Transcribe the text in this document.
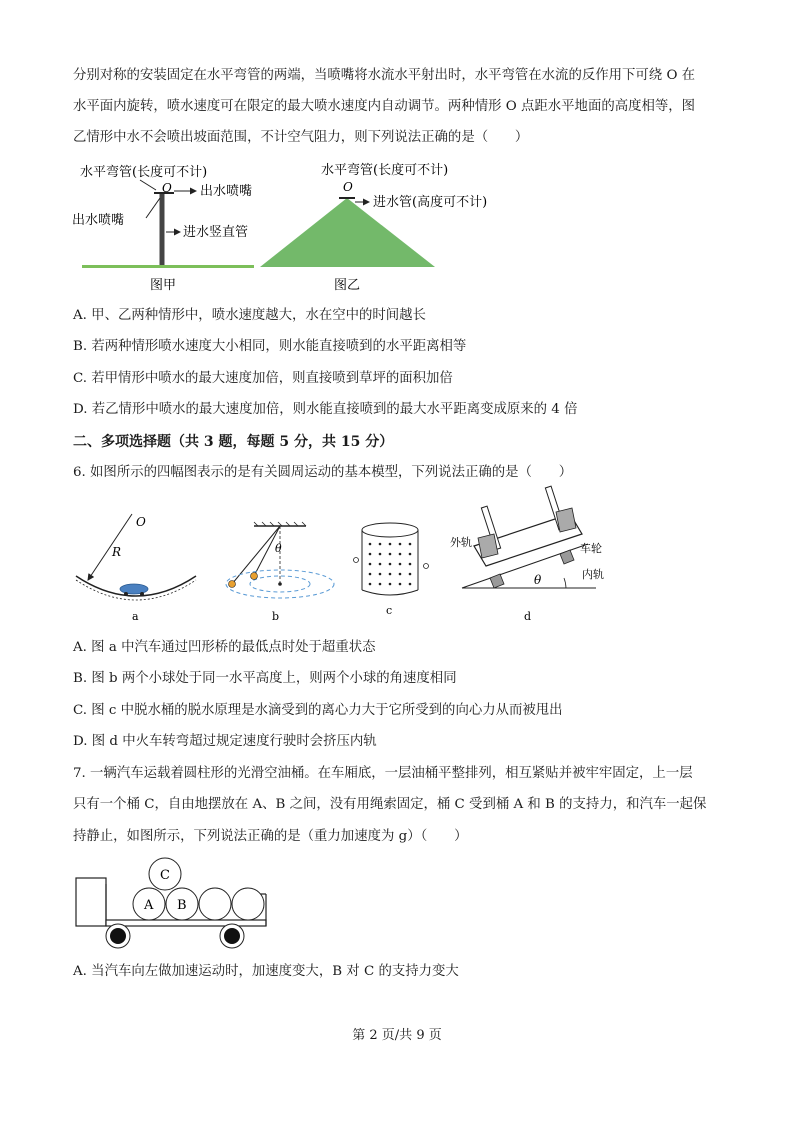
分别对称的安装固定在水平弯管的两端，当喷嘴将水流水平射出时，水平弯管在水流的反作用下可绕 O 在
水平面内旋转，喷水速度可在限定的最大喷水速度内自动调节。两种情形 O 点距水平地面的高度相等，图
乙情形中水不会喷出坡面范围，不计空气阻力，则下列说法正确的是（　　）
水平弯管(长度可不计)
O 出水喷嘴
出水喷嘴
进水竖直管
图甲
水平弯管(长度可不计)
O
进水管(高度可不计)
图乙
A. 甲、乙两种情形中，喷水速度越大，水在空中的时间越长
B. 若两种情形喷水速度大小相同，则水能直接喷到的水平距离相等
C. 若甲情形中喷水的最大速度加倍，则直接喷到草坪的面积加倍
D. 若乙情形中喷水的最大速度加倍，则水能直接喷到的最大水平距离变成原来的 4 倍
二、多项选择题（共 3 题，每题 5 分，共 15 分）
6. 如图所示的四幅图表示的是有关圆周运动的基本模型，下列说法正确的是（　　）
O
R
a
θ
b	c
外轨	车轮
内轨
θ
d
A. 图 a 中汽车通过凹形桥的最低点时处于超重状态
B. 图 b 两个小球处于同一水平高度上，则两个小球的角速度相同
C. 图 c 中脱水桶的脱水原理是水滴受到的离心力大于它所受到的向心力从而被甩出
D. 图 d 中火车转弯超过规定速度行驶时会挤压内轨
7. 一辆汽车运载着圆柱形的光滑空油桶。在车厢底，一层油桶平整排列，相互紧贴并被牢牢固定，上一层
只有一个桶 C，自由地摆放在 A、B 之间，没有用绳索固定，桶 C 受到桶 A 和 B 的支持力，和汽车一起保
持静止，如图所示，下列说法正确的是（重力加速度为 g）（　　）
A B
C
A. 当汽车向左做加速运动时，加速度变大，B 对 C 的支持力变大
第 2 页/共 9 页
